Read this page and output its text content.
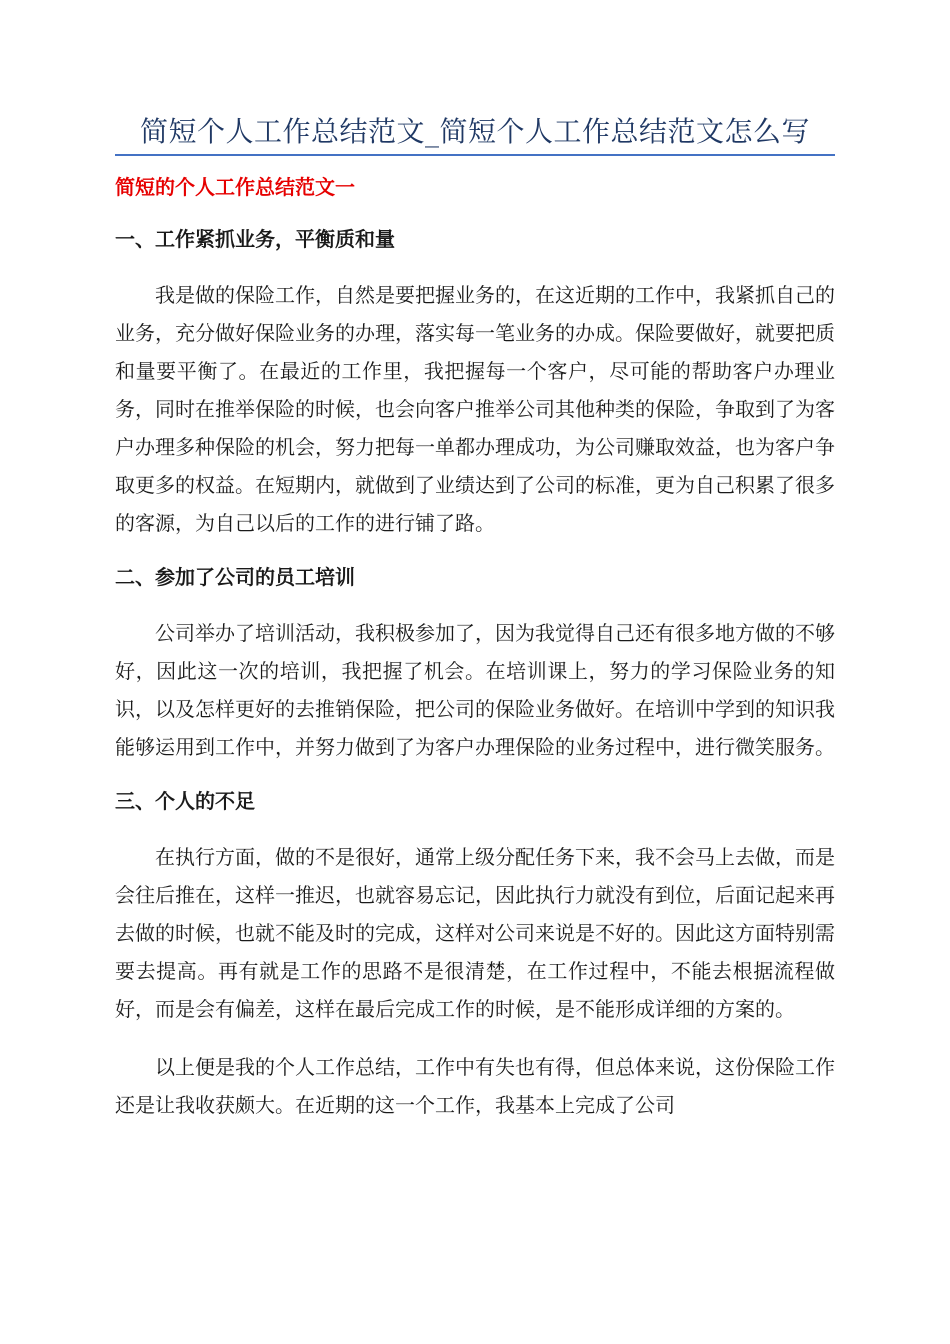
简短个人工作总结范文_简短个人工作总结范文怎么写
简短的个人工作总结范文一
一、工作紧抓业务，平衡质和量

我是做的保险工作，自然是要把握业务的，在这近期的工作中，我紧抓自己的业务，充分做好保险业务的办理，落实每一笔业务的办成。保险要做好，就要把质和量要平衡了。在最近的工作里，我把握每一个客户，尽可能的帮助客户办理业务，同时在推举保险的时候，也会向客户推举公司其他种类的保险，争取到了为客户办理多种保险的机会，努力把每一单都办理成功，为公司赚取效益，也为客户争取更多的权益。在短期内，就做到了业绩达到了公司的标准，更为自己积累了很多的客源，为自己以后的工作的进行铺了路。

二、参加了公司的员工培训

公司举办了培训活动，我积极参加了，因为我觉得自己还有很多地方做的不够好，因此这一次的培训，我把握了机会。在培训课上，努力的学习保险业务的知识，以及怎样更好的去推销保险，把公司的保险业务做好。在培训中学到的知识我能够运用到工作中，并努力做到了为客户办理保险的业务过程中，进行微笑服务。

三、个人的不足

在执行方面，做的不是很好，通常上级分配任务下来，我不会马上去做，而是会往后推在，这样一推迟，也就容易忘记，因此执行力就没有到位，后面记起来再去做的时候，也就不能及时的完成，这样对公司来说是不好的。因此这方面特别需要去提高。再有就是工作的思路不是很清楚，在工作过程中，不能去根据流程做好，而是会有偏差，这样在最后完成工作的时候，是不能形成详细的方案的。

以上便是我的个人工作总结，工作中有失也有得，但总体来说，这份保险工作还是让我收获颇大。在近期的这一个工作，我基本上完成了公司
